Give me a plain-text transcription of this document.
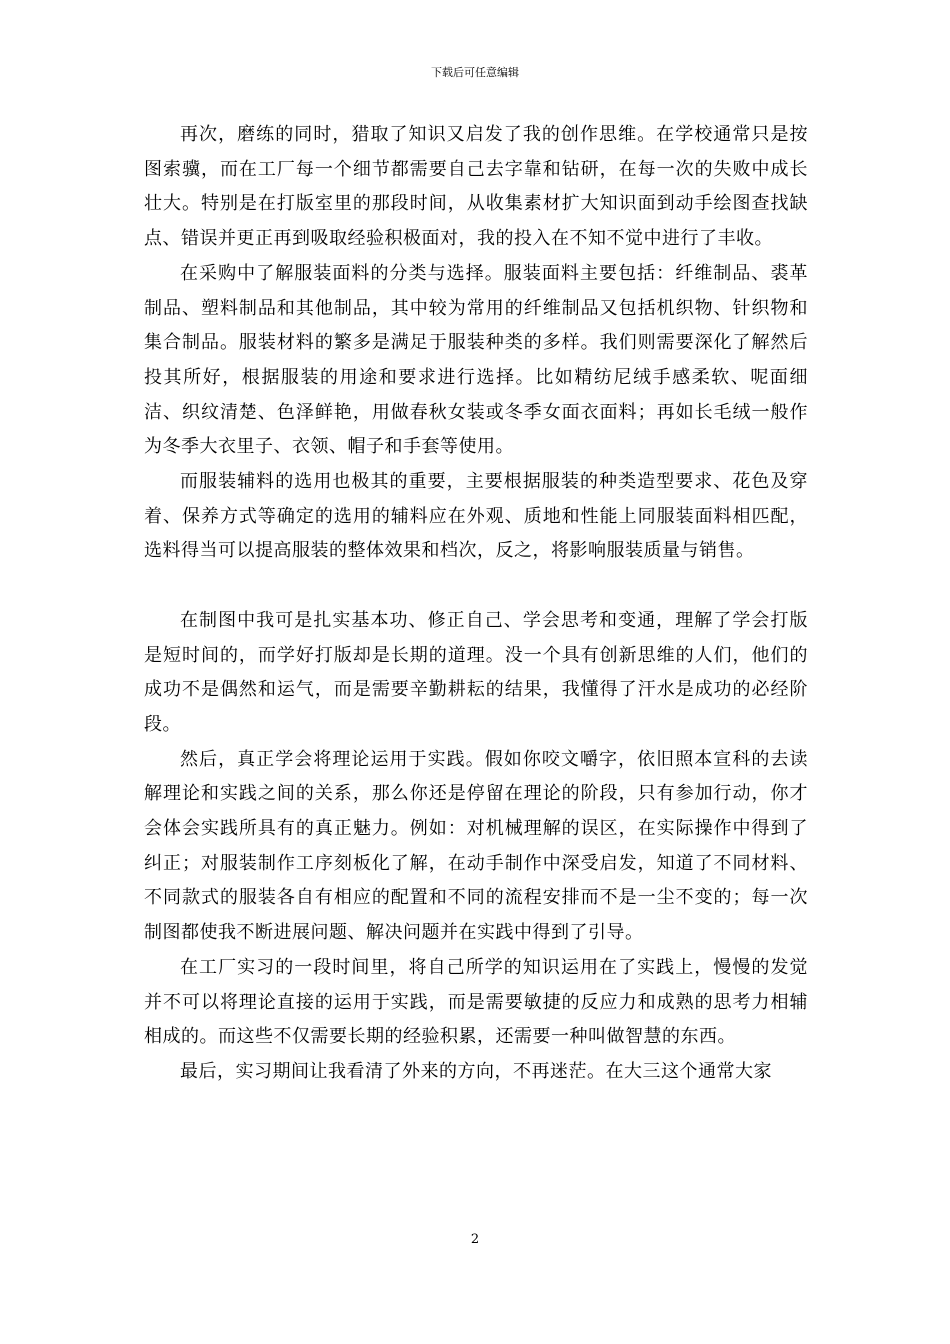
下载后可任意编辑

再次，磨练的同时，猎取了知识又启发了我的创作思维。在学校通常只是按图索骥，而在工厂每一个细节都需要自己去字靠和钻研，在每一次的失败中成长壮大。特别是在打版室里的那段时间，从收集素材扩大知识面到动手绘图查找缺点、错误并更正再到吸取经验积极面对，我的投入在不知不觉中进行了丰收。

在采购中了解服装面料的分类与选择。服装面料主要包括：纤维制品、裘革制品、塑料制品和其他制品，其中较为常用的纤维制品又包括机织物、针织物和集合制品。服装材料的繁多是满足于服装种类的多样。我们则需要深化了解然后投其所好，根据服装的用途和要求进行选择。比如精纺尼绒手感柔软、呢面细洁、织纹清楚、色泽鲜艳，用做春秋女装或冬季女面衣面料；再如长毛绒一般作为冬季大衣里子、衣领、帽子和手套等使用。

而服装辅料的选用也极其的重要，主要根据服装的种类造型要求、花色及穿着、保养方式等确定的选用的辅料应在外观、质地和性能上同服装面料相匹配，选料得当可以提高服装的整体效果和档次，反之，将影响服装质量与销售。

在制图中我可是扎实基本功、修正自己、学会思考和变通，理解了学会打版是短时间的，而学好打版却是长期的道理。没一个具有创新思维的人们，他们的成功不是偶然和运气，而是需要辛勤耕耘的结果，我懂得了汗水是成功的必经阶段。

然后，真正学会将理论运用于实践。假如你咬文嚼字，依旧照本宣科的去读解理论和实践之间的关系，那么你还是停留在理论的阶段，只有参加行动，你才会体会实践所具有的真正魅力。例如：对机械理解的误区，在实际操作中得到了纠正；对服装制作工序刻板化了解，在动手制作中深受启发，知道了不同材料、不同款式的服装各自有相应的配置和不同的流程安排而不是一尘不变的；每一次制图都使我不断进展问题、解决问题并在实践中得到了引导。

在工厂实习的一段时间里，将自己所学的知识运用在了实践上，慢慢的发觉并不可以将理论直接的运用于实践，而是需要敏捷的反应力和成熟的思考力相辅相成的。而这些不仅需要长期的经验积累，还需要一种叫做智慧的东西。

最后，实习期间让我看清了外来的方向，不再迷茫。在大三这个通常大家

2
